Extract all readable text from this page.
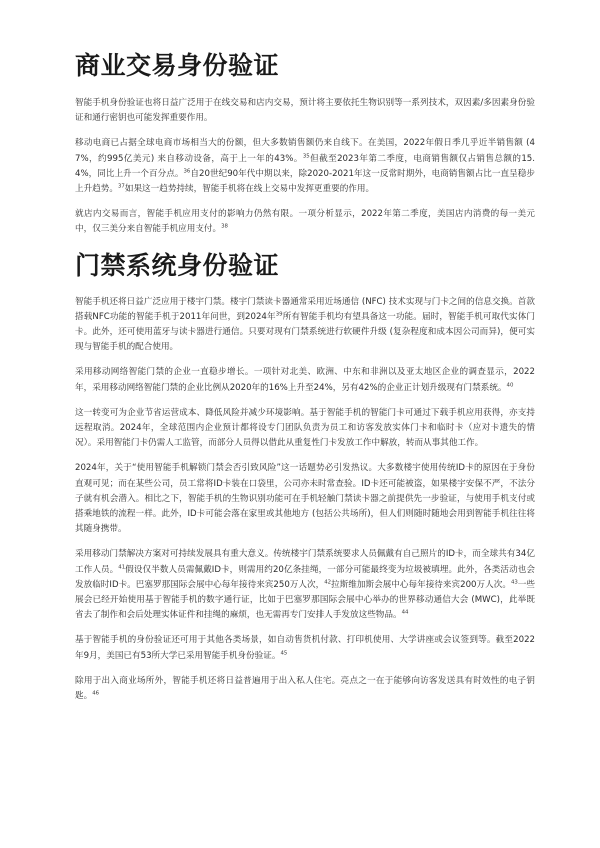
商业交易身份验证

智能手机身份验证也将日益广泛用于在线交易和店内交易，预计将主要依托生物识别等一系列技术，双因素/多因素身份验证和通行密钥也可能发挥重要作用。

移动电商已占据全球电商市场相当大的份额，但大多数销售额仍来自线下。在美国，2022年假日季几乎近半销售额 (47%，约995亿美元) 来自移动设备，高于上一年的43%。$^{35}$但截至2023年第二季度，电商销售额仅占销售总额的15.4%，同比上升一个百分点。$^{36}$自20世纪90年代中期以来，除2020-2021年这一反常时期外，电商销售额占比一直呈稳步上升趋势。$^{37}$如果这一趋势持续，智能手机将在线上交易中发挥更重要的作用。

就店内交易而言，智能手机应用支付的影响力仍然有限。一项分析显示，2022年第二季度，美国店内消费的每一美元中，仅三美分来自智能手机应用支付。$^{38}$

门禁系统身份验证

智能手机还将日益广泛应用于楼宇门禁。楼宇门禁读卡器通常采用近场通信 (NFC) 技术实现与门卡之间的信息交换。首款搭载NFC功能的智能手机于2011年问世，到2024年$^{39}$所有智能手机均有望具备这一功能。届时，智能手机可取代实体门卡。此外，还可使用蓝牙与读卡器进行通信。只要对现有门禁系统进行软硬件升级 (复杂程度和成本因公司而异)，便可实现与智能手机的配合使用。

采用移动网络智能门禁的企业一直稳步增长。一项针对北美、欧洲、中东和非洲以及亚太地区企业的调查显示，2022年，采用移动网络智能门禁的企业比例从2020年的16%上升至24%，另有42%的企业正计划升级现有门禁系统。$^{40}$

这一转变可为企业节省运营成本、降低风险并减少环境影响。基于智能手机的智能门卡可通过下载手机应用获得，亦支持远程取消。2024年，全球范围内企业预计都将设专门团队负责为员工和访客发放实体门卡和临时卡（应对卡遗失的情况）。采用智能门卡仍需人工监管，而部分人员得以借此从重复性门卡发放工作中解放，转而从事其他工作。

2024年，关于“使用智能手机解锁门禁会否引致风险”这一话题势必引发热议。大多数楼宇使用传统ID卡的原因在于身份直观可见；而在某些公司，员工常将ID卡装在口袋里，公司亦未时常查验。ID卡还可能被盗，如果楼宇安保不严，不法分子就有机会潜入。相比之下，智能手机的生物识别功能可在手机轻触门禁读卡器之前提供先一步验证，与使用手机支付或搭乘地铁的流程一样。此外，ID卡可能会落在家里或其他地方 (包括公共场所)，但人们则随时随地会用到智能手机往往将其随身携带。

采用移动门禁解决方案对可持续发展具有重大意义。传统楼宇门禁系统要求人员佩戴有自己照片的ID卡，而全球共有34亿工作人员。$^{41}$假设仅半数人员需佩戴ID卡，则需用约20亿条挂绳，一部分可能最终变为垃圾被填埋。此外，各类活动也会发放临时ID卡。巴塞罗那国际会展中心每年接待来宾250万人次，$^{42}$拉斯维加斯会展中心每年接待来宾200万人次。$^{43}$一些展会已经开始使用基于智能手机的数字通行证，比如于巴塞罗那国际会展中心举办的世界移动通信大会 (MWC)，此举既省去了制作和会后处理实体证件和挂绳的麻烦，也无需再专门安排人手发放这些物品。$^{44}$

基于智能手机的身份验证还可用于其他各类场景，如自动售货机付款、打印机使用、大学讲座或会议签到等。截至2022年9月，美国已有53所大学已采用智能手机身份验证。$^{45}$

除用于出入商业场所外，智能手机还将日益普遍用于出入私人住宅。亮点之一在于能够向访客发送具有时效性的电子钥匙。$^{46}$
